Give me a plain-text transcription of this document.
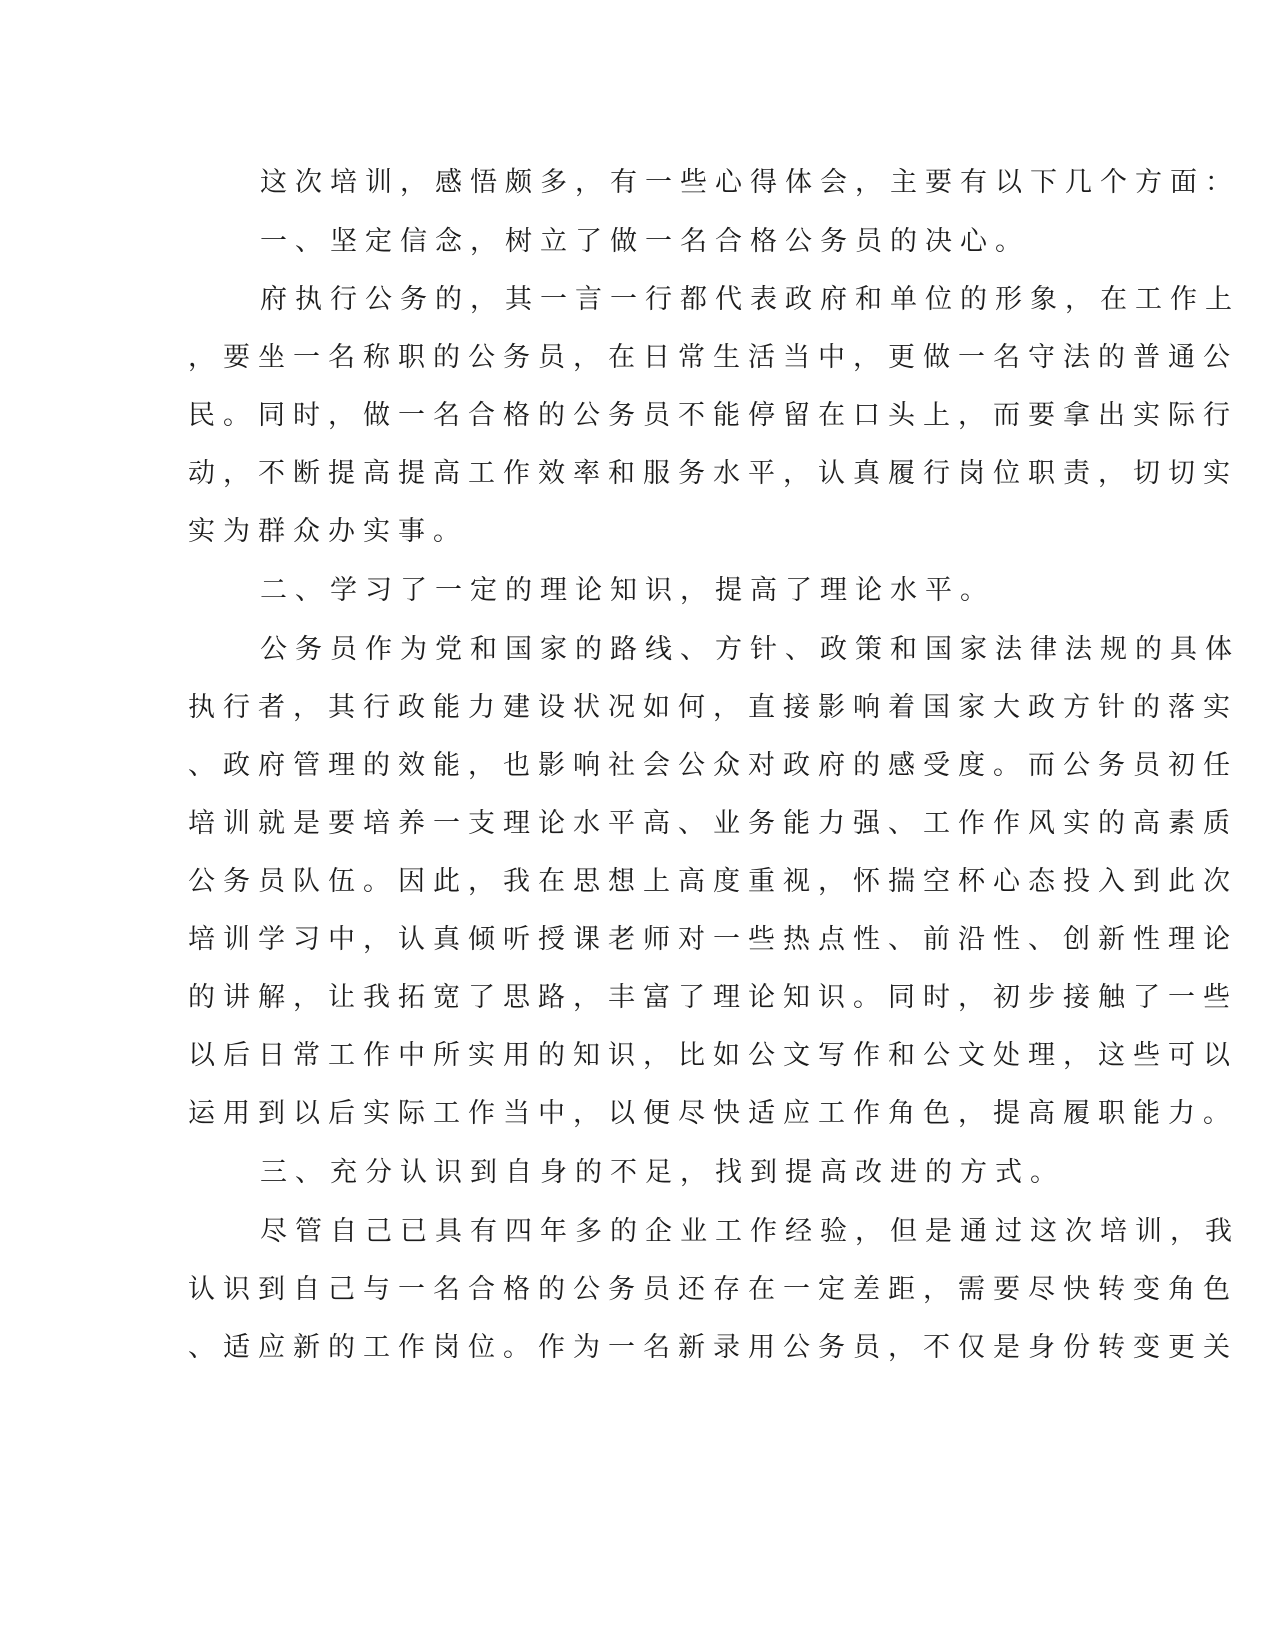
这次培训，感悟颇多，有一些心得体会，主要有以下几个方面：

一、坚定信念，树立了做一名合格公务员的决心。

府执行公务的，其一言一行都代表政府和单位的形象，在工作上

，要坐一名称职的公务员，在日常生活当中，更做一名守法的普通公

民。同时，做一名合格的公务员不能停留在口头上，而要拿出实际行

动，不断提高提高工作效率和服务水平，认真履行岗位职责，切切实

实为群众办实事。

二、学习了一定的理论知识，提高了理论水平。

公务员作为党和国家的路线、方针、政策和国家法律法规的具体

执行者，其行政能力建设状况如何，直接影响着国家大政方针的落实

、政府管理的效能，也影响社会公众对政府的感受度。而公务员初任

培训就是要培养一支理论水平高、业务能力强、工作作风实的高素质

公务员队伍。因此，我在思想上高度重视，怀揣空杯心态投入到此次

培训学习中，认真倾听授课老师对一些热点性、前沿性、创新性理论

的讲解，让我拓宽了思路，丰富了理论知识。同时，初步接触了一些

以后日常工作中所实用的知识，比如公文写作和公文处理，这些可以

运用到以后实际工作当中，以便尽快适应工作角色，提高履职能力。

三、充分认识到自身的不足，找到提高改进的方式。

尽管自己已具有四年多的企业工作经验，但是通过这次培训，我

认识到自己与一名合格的公务员还存在一定差距，需要尽快转变角色

、适应新的工作岗位。作为一名新录用公务员，不仅是身份转变更关
